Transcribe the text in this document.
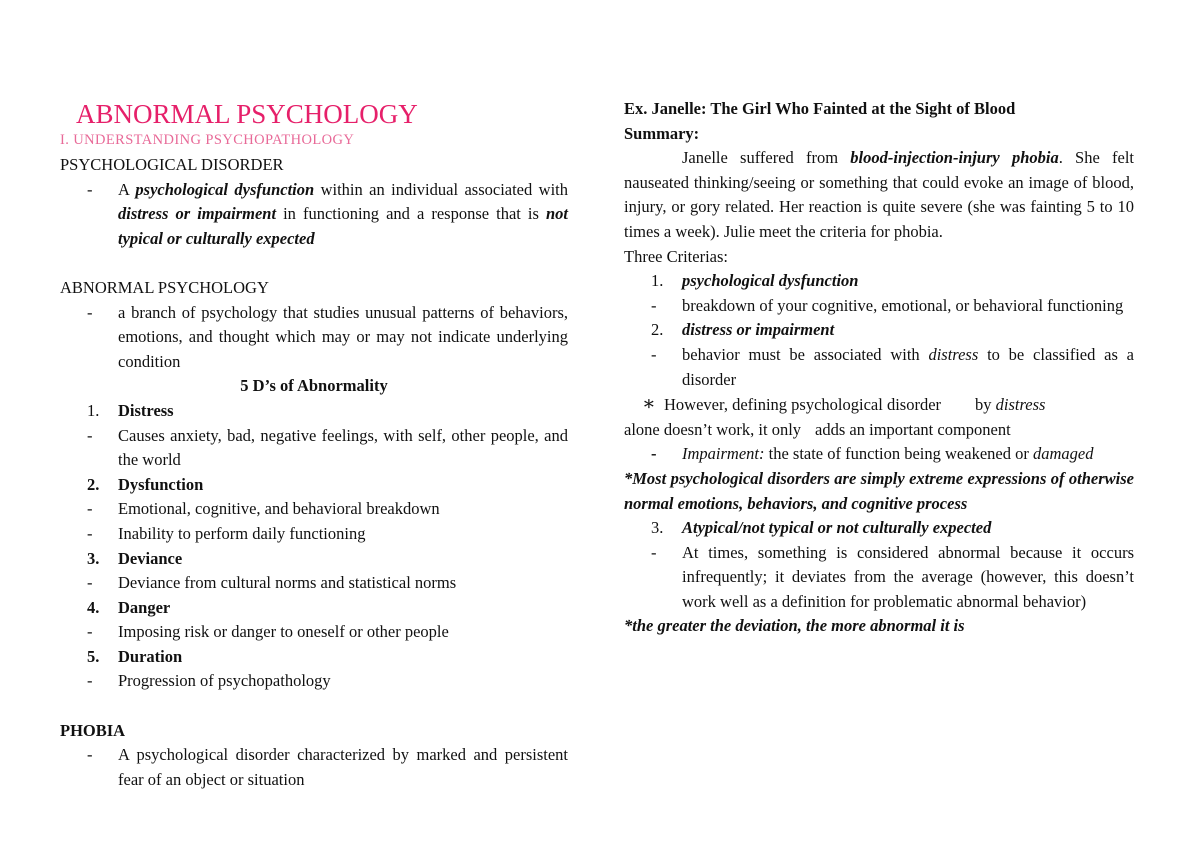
ABNORMAL PSYCHOLOGY
I. UNDERSTANDING PSYCHOPATHOLOGY
PSYCHOLOGICAL DISORDER
- A psychological dysfunction within an individual associated with distress or impairment in functioning and a response that is not typical or culturally expected
ABNORMAL PSYCHOLOGY
- a branch of psychology that studies unusual patterns of behaviors, emotions, and thought which may or may not indicate underlying condition
5 D’s of Abnormality
1. Distress
- Causes anxiety, bad, negative feelings, with self, other people, and the world
2. Dysfunction
- Emotional, cognitive, and behavioral breakdown
- Inability to perform daily functioning
3. Deviance
- Deviance from cultural norms and statistical norms
4. Danger
- Imposing risk or danger to oneself or other people
5. Duration
- Progression of psychopathology
PHOBIA
- A psychological disorder characterized by marked and persistent fear of an object or situation
Ex. Janelle: The Girl Who Fainted at the Sight of Blood
Summary:
Janelle suffered from blood-injection-injury phobia. She felt nauseated thinking/seeing or something that could evoke an image of blood, injury, or gory related. Her reaction is quite severe (she was fainting 5 to 10 times a week). Julie meet the criteria for phobia.
Three Criterias:
1. psychological dysfunction
- breakdown of your cognitive, emotional, or behavioral functioning
2. distress or impairment
- behavior must be associated with distress to be classified as a disorder
∗ However, defining psychological disorder by distress
alone doesn’t work, it only adds an important component
- Impairment: the state of function being weakened or damaged
*Most psychological disorders are simply extreme expressions of otherwise normal emotions, behaviors, and cognitive process
3. Atypical/not typical or not culturally expected
- At times, something is considered abnormal because it occurs infrequently; it deviates from the average (however, this doesn’t work well as a definition for problematic abnormal behavior)
*the greater the deviation, the more abnormal it is
